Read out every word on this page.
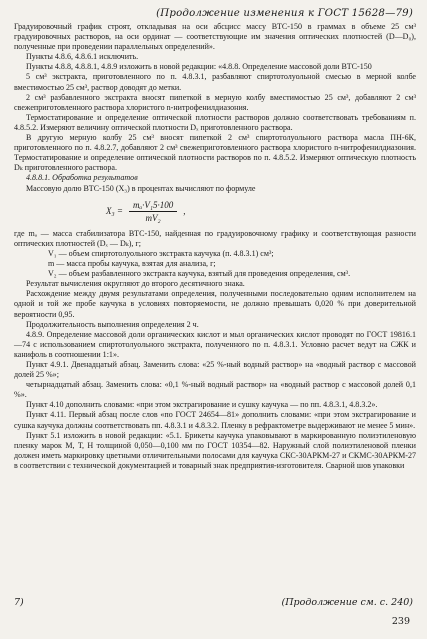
(Продолжение изменения к ГОСТ 15628—79)

Градуировочный график строят, откладывая на оси абсцисс массу ВТС-150 в граммах в объеме 25 см³ градуировочных растворов, на оси ординат — соответствующие им значения оптических плотностей (D—D₀), полученные при проведении параллельных определений».

Пункты 4.8.6, 4.8.6.1 исключить.

Пункты 4.8.8, 4.8.8.1, 4.8.9 изложить в новой редакции: «4.8.8. Определение массовой доли ВТС-150

5 см³ экстракта, приготовленного по п. 4.8.3.1, разбавляют спиртотолуольной смесью в мерной колбе вместимостью 25 см³, раствор доводят до метки.

2 см³ разбавленного экстракта вносят пипеткой в мерную колбу вместимостью 25 см³, добавляют 2 см³ свежеприготовленного раствора хлористого n-нитрофенилдиазония.

Термостатирование и определение оптической плотности растворов должно соответствовать требованиям п. 4.8.5.2. Измеряют величину оптической плотности Dₓ приготовленного раствора.

В другую мерную колбу 25 см³ вносят пипеткой 2 см³ спиртотолуольного раствора масла ПН-6К, приготовленного по п. 4.8.2.7, добавляют 2 см³ свежеприготовленного раствора хлористого n-нитрофенилдиазония. Термостатирование и определение оптической плотности растворов по п. 4.8.5.2. Измеряют оптическую плотность Dₖ приготовленного раствора.

4.8.8.1. Обработка результатов

Массовую долю ВТС-150 (X₃) в процентах вычисляют по формуле

$X_3 = \frac{\text{mₐ·V₁5·100}}{\text{mV₂}}$ ,

где mₐ — масса стабилизатора ВТС-150, найденная по градуировочному графику и соответствующая разности оптических плотностей (Dₓ — Dₖ), г;

V₁ — объем спиртотолуольного экстракта каучука (п. 4.8.3.1) см³;

m — масса пробы каучука, взятая для анализа, г;

V₂ — объем разбавленного экстракта каучука, взятый для проведения определения, см³.

Результат вычисления округляют до второго десятичного знака.

Расхождение между двумя результатами определения, полученными последовательно одним исполнителем на одной и той же пробе каучука в условиях повторяемости, не должно превышать 0,020 % при доверительной вероятности 0,95.

Продолжительность выполнения определения 2 ч.

4.8.9. Определение массовой доли органических кислот и мыл органических кислот проводят по ГОСТ 19816.1—74 с использованием спиртотолуольного экстракта, полученного по п. 4.8.3.1. Условно расчет ведут на СЖК и канифоль в соотношении 1:1».

Пункт 4.9.1. Двенадцатый абзац. Заменить слова: «25 %-ный водный раствор» на «водный раствор с массовой долей 25 %»;

четырнадцатый абзац. Заменить слова: «0,1 %-ный водный раствор» на «водный раствор с массовой долей 0,1 %».

Пункт 4.10 дополнить словами: «при этом экстрагирование и сушку каучука — по пп. 4.8.3.1, 4.8.3.2».

Пункт 4.11. Первый абзац после слов «по ГОСТ 24654—81» дополнить словами: «при этом экстрагирование и сушка каучука должны соответствовать пп. 4.8.3.1 и 4.8.3.2. Пленку в рефрактометре выдерживают не менее 5 мин».

Пункт 5.1 изложить в новой редакции: «5.1. Брикеты каучука упаковывают в маркированную полиэтиленовую пленку марок М, Т, Н толщиной 0,050—0,100 мм по ГОСТ 10354—82. Наружный слой полиэтиленовой пленки должен иметь маркировку цветными отличительными полосами для каучука СКС-30АРКМ-27 и СКМС-30АРКМ-27 в соответствии с технической документацией и товарный знак предприятия-изготовителя. Сварной шов упаковки

7)	(Продолжение см. с. 240)
239
